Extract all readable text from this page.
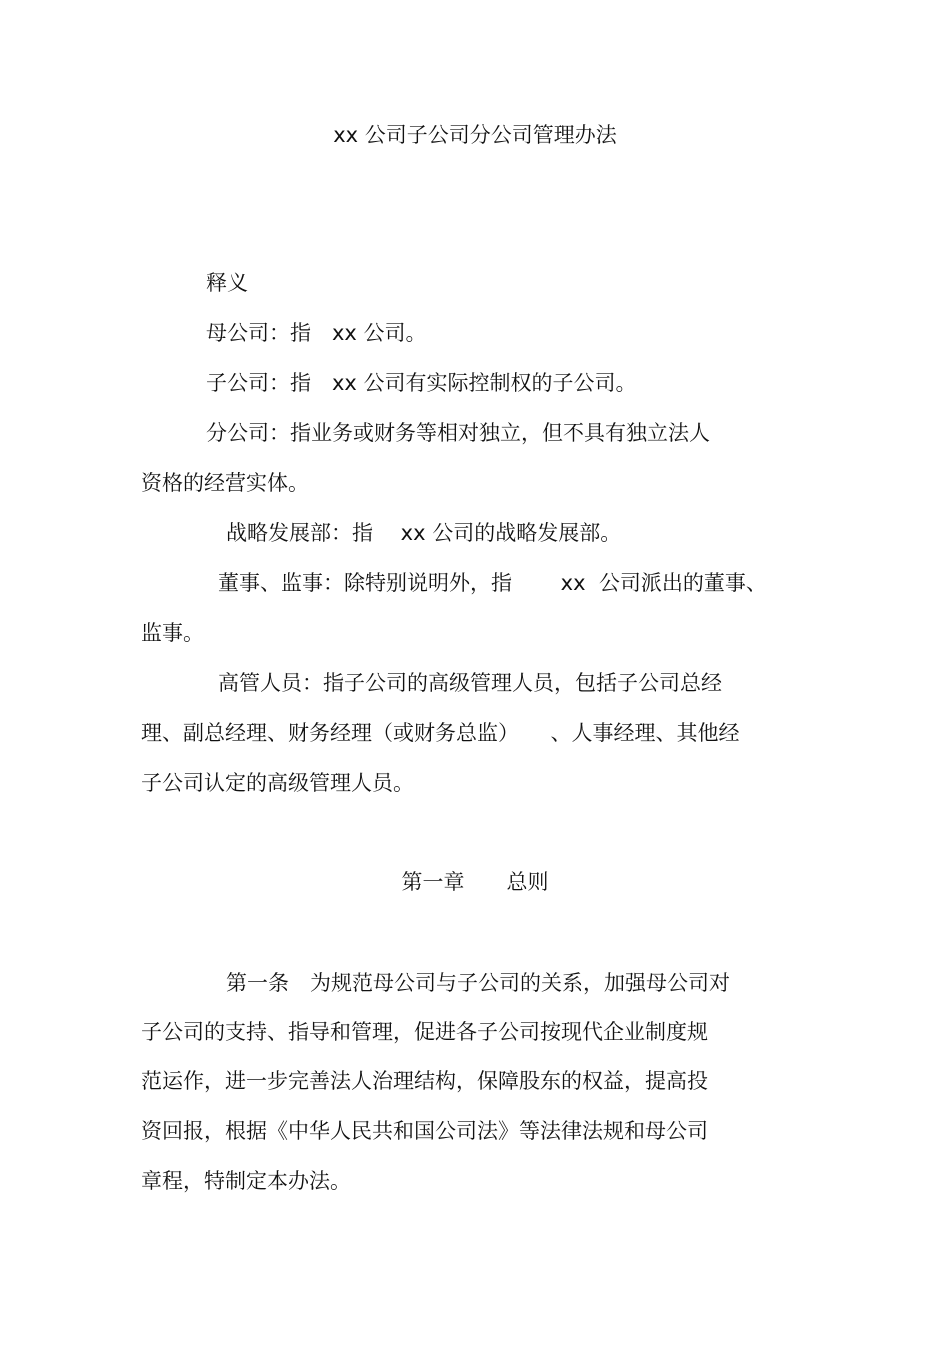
xx 公司子公司分公司管理办法
释义
母公司：指　xx 公司。
子公司：指　xx 公司有实际控制权的子公司。
分公司：指业务或财务等相对独立，但不具有独立法人
资格的经营实体。
战略发展部：指　 xx 公司的战略发展部。
董事、监事：除特别说明外，指　　 xx  公司派出的董事、
监事。
高管人员：指子公司的高级管理人员，包括子公司总经
理、副总经理、财务经理（或财务总监）　　、人事经理、其他经
子公司认定的高级管理人员。
第一章　　总则
第一条　为规范母公司与子公司的关系，加强母公司对
子公司的支持、指导和管理，促进各子公司按现代企业制度规
范运作，进一步完善法人治理结构，保障股东的权益，提高投
资回报，根据《中华人民共和国公司法》等法律法规和母公司
章程，特制定本办法。
